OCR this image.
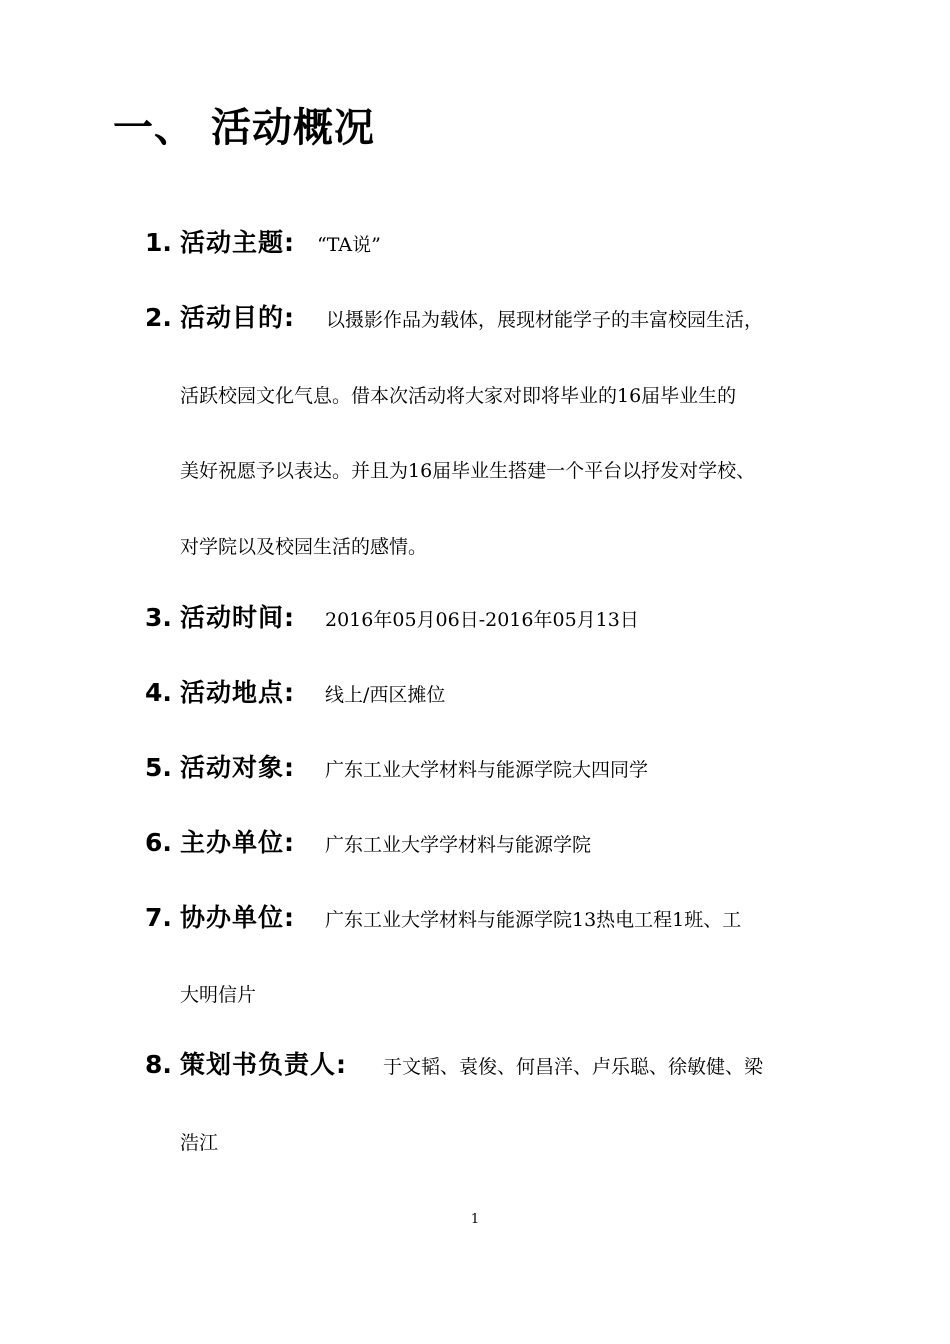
一、 活动概况
1. 活动主题: “TA说”
2. 活动目的: 以摄影作品为载体，展现材能学子的丰富校园生活，
活跃校园文化气息。借本次活动将大家对即将毕业的16届毕业生的
美好祝愿予以表达。并且为16届毕业生搭建一个平台以抒发对学校、
对学院以及校园生活的感情。
3. 活动时间: 2016年05月06日-2016年05月13日
4. 活动地点: 线上/西区摊位
5. 活动对象: 广东工业大学材料与能源学院大四同学
6. 主办单位: 广东工业大学学材料与能源学院
7. 协办单位: 广东工业大学材料与能源学院13热电工程1班、工
大明信片
8. 策划书负责人: 于文韬、袁俊、何昌洋、卢乐聪、徐敏健、梁
浩江
1
